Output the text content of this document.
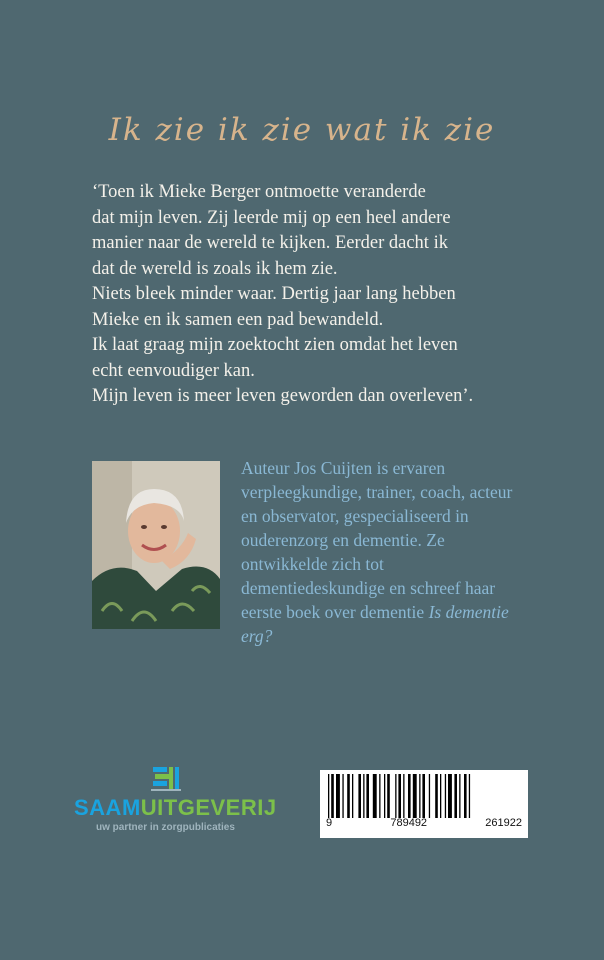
Ik zie ik zie wat ik zie

‘Toen ik Mieke Berger ontmoette veranderde

dat mijn leven. Zij leerde mij op een heel andere

manier naar de wereld te kijken. Eerder dacht ik

dat de wereld is zoals ik hem zie.

Niets bleek minder waar. Dertig jaar lang hebben

Mieke en ik samen een pad bewandeld.

Ik laat graag mijn zoektocht zien omdat het leven

echt eenvoudiger kan.

Mijn leven is meer leven geworden dan overleven’.

Auteur Jos Cuijten is ervaren verpleegkundige, trainer, coach, acteur en observator, gespecialiseerd in ouderenzorg en dementie. Ze ontwikkelde zich tot dementiedeskundige en schreef haar eerste boek over dementie Is dementie erg?
SAAMUITGEVERIJ
uw partner in zorgpublicaties	9	789492	261922
